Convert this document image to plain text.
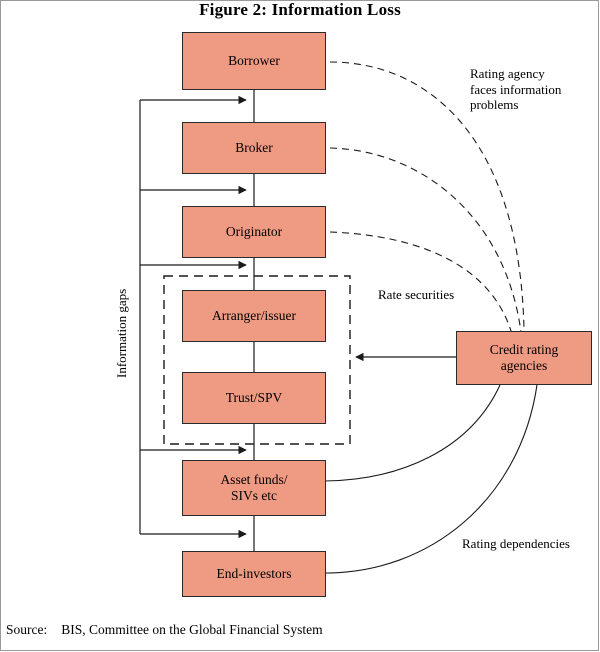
Figure 2: Information Loss
Borrower
Broker
Originator
Arranger/issuer
Trust/SPV
Asset funds/
SIVs etc
End-investors
Credit rating
agencies
Rating agency
faces information
problems
Rate securities
Rating dependencies
Information gaps
Source: BIS, Committee on the Global Financial System
